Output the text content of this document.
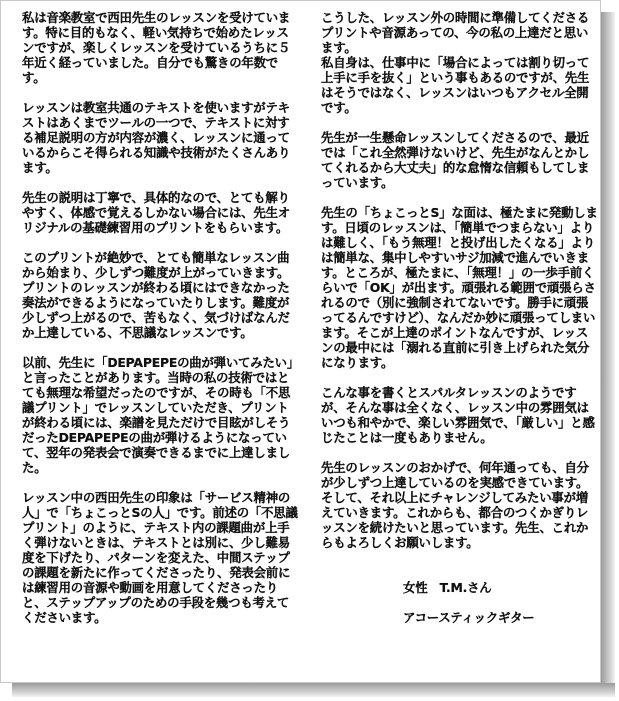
私は音楽教室で西田先生のレッスンを受けています。特に目的もなく、軽い気持ちで始めたレッスンですが、楽しくレッスンを受けているうちに５年近く経っていました。自分でも驚きの年数です。

レッスンは教室共通のテキストを使いますがテキストはあくまでツールの一つで、テキストに対する補足説明の方が内容が濃く、レッスンに通っているからこそ得られる知識や技術がたくさんあります。

先生の説明は丁寧で、具体的なので、とても解りやすく、体感で覚えるしかない場合には、先生オリジナルの基礎練習用のプリントをもらいます。

このプリントが絶妙で、とても簡単なレッスン曲から始まり、少しずつ難度が上がっていきます。プリントのレッスンが終わる頃にはできなかった奏法ができるようになっていたりします。難度が少しずつ上がるので、苦もなく、気づけばなんだか上達している、不思議なレッスンです。

以前、先生に「DEPAPEPEの曲が弾いてみたい」と言ったことがあります。当時の私の技術ではとても無理な希望だったのですが、その時も「不思議プリント」でレッスンしていただき、プリントが終わる頃には、楽譜を見ただけで目眩がしそうだったDEPAPEPEの曲が弾けるようになっていて、翌年の発表会で演奏できるまでに上達しました。

レッスン中の西田先生の印象は「サービス精神の人」で「ちょこっとSの人」です。前述の「不思議プリント」のように、テキスト内の課題曲が上手く弾けないときは、テキストとは別に、少し難易度を下げたり、パターンを変えた、中間ステップの課題を新たに作ってくださったり、発表会前には練習用の音源や動画を用意してくださったりと、ステップアップのための手段を幾つも考えてくださいます。

こうした、レッスン外の時間に準備してくださるプリントや音源あっての、今の私の上達だと思います。
私自身は、仕事中に「場合によっては割り切って上手に手を抜く」という事もあるのですが、先生はそうではなく、レッスンはいつもアクセル全開です。

先生が一生懸命レッスンしてくださるので、最近では「これ全然弾けないけど、先生がなんとかしてくれるから大丈夫」的な怠惰な信頼もしてしまっています。

先生の「ちょこっとS」な面は、極たまに発動します。日頃のレッスンは、「簡単でつまらない」よりは難しく、「もう無理！と投げ出したくなる」よりは簡単な、集中しやすいサジ加減で進んでいきます。ところが、極たまに、「無理！」の一歩手前くらいで「OK」が出ます。頑張れる範囲で頑張らされるので（別に強制されてないです。勝手に頑張ってるんですけど）、なんだか妙に頑張ってしまいます。そこが上達のポイントなんですが、レッスンの最中には「溺れる直前に引き上げられた気分になります。

こんな事を書くとスパルタレッスンのようですが、そんな事は全くなく、レッスン中の雰囲気はいつも和やかで、楽しい雰囲気で、「厳しい」と感じたことは一度もありません。

先生のレッスンのおかげで、何年通っても、自分が少しずつ上達しているのを実感できています。そして、それ以上にチャレンジしてみたい事が増えていきます。これからも、都合のつくかぎりレッスンを続けたいと思っています。先生、これからもよろしくお願いします。

女性　T.M.さん

アコースティックギター
